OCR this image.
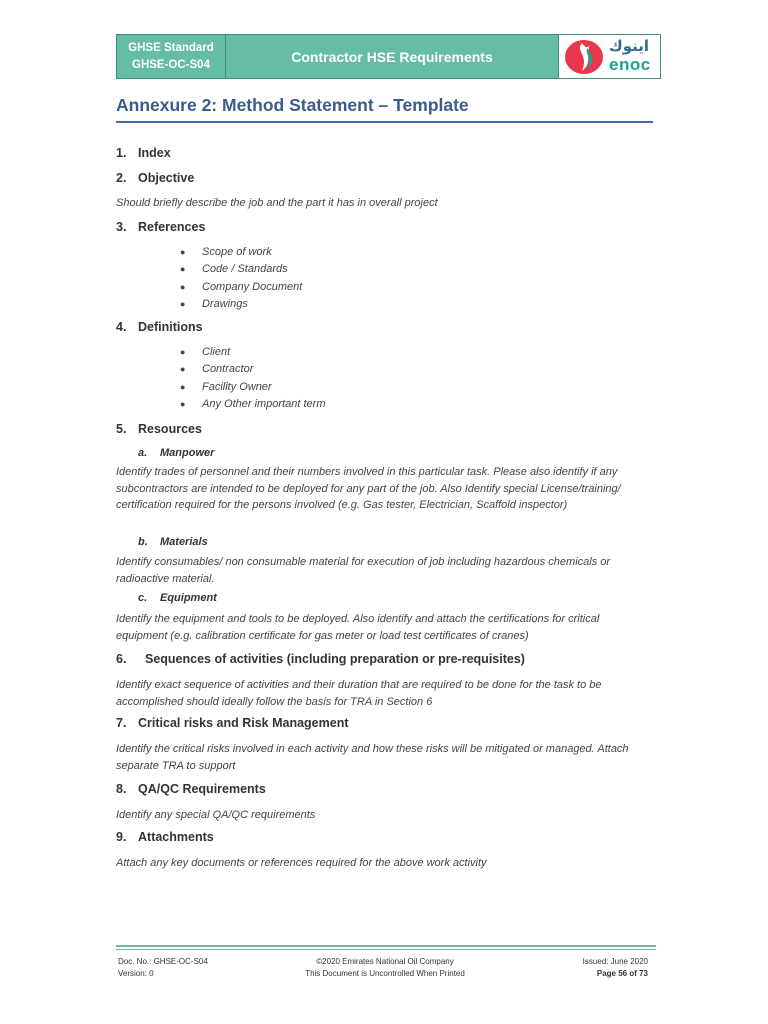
GHSE Standard
GHSE-OC-S04	Contractor HSE Requirements
اينوك
enoc
Annexure 2: Method Statement – Template
1. Index
2. Objective
Should briefly describe the job and the part it has in overall project
3. References
● Scope of work
● Code / Standards
● Company Document
● Drawings
4. Definitions
● Client
● Contractor
● Facility Owner
● Any Other important term
5. Resources
a. Manpower
Identify trades of personnel and their numbers involved in this particular task. Please also identify if any subcontractors are intended to be deployed for any part of the job. Also Identify special License/training/ certification required for the persons involved (e.g. Gas tester, Electrician, Scaffold inspector)
b. Materials
Identify consumables/ non consumable material for execution of job including hazardous chemicals or radioactive material.
c. Equipment
Identify the equipment and tools to be deployed. Also identify and attach the certifications for critical equipment (e.g. calibration certificate for gas meter or load test certificates of cranes)
6. Sequences of activities (including preparation or pre-requisites)
Identify exact sequence of activities and their duration that are required to be done for the task to be accomplished should ideally follow the basis for TRA in Section 6
7. Critical risks and Risk Management
Identify the critical risks involved in each activity and how these risks will be mitigated or managed. Attach separate TRA to support
8. QA/QC Requirements
Identify any special QA/QC requirements
9. Attachments
Attach any key documents or references required for the above work activity
Doc. No.: GHSE-OC-S04
Version: 0
©2020 Emirates National Oil Company
This Document is Uncontrolled When Printed
Issued: June 2020
Page 56 of 73
